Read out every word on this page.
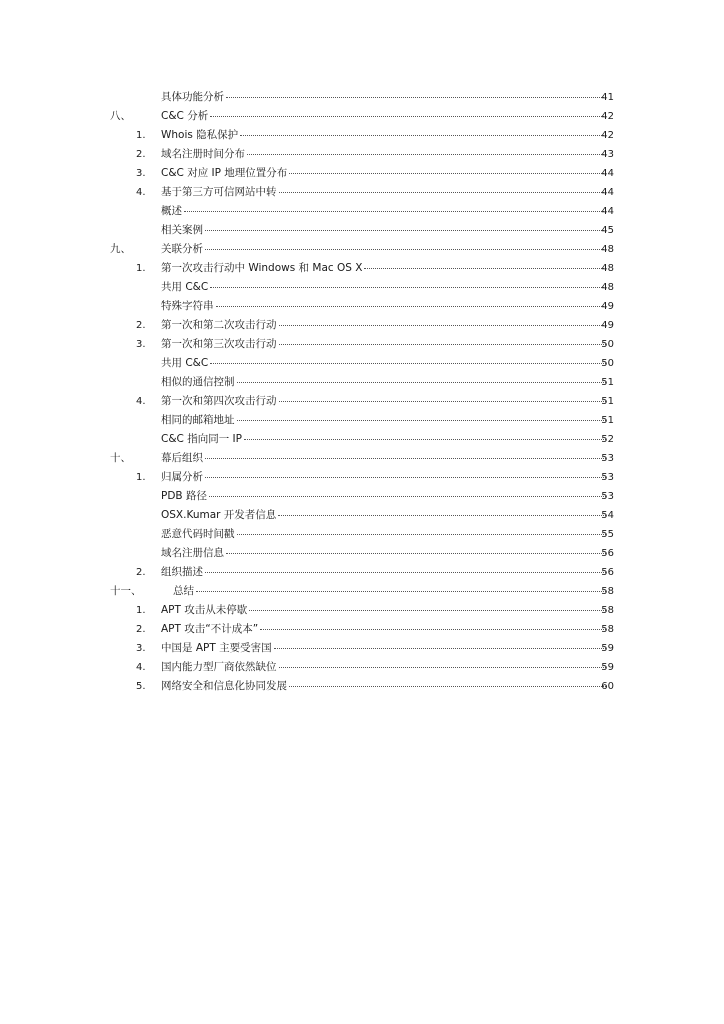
具体功能分析	41
八、	C&C 分析	42
1. Whois 隐私保护	42
2. 域名注册时间分布	43
3. C&C 对应 IP 地理位置分布	44
4. 基于第三方可信网站中转	44
概述	44
相关案例	45
九、	关联分析	48
1. 第一次攻击行动中 Windows 和 Mac OS X	48
共用 C&C	48
特殊字符串	49
2. 第一次和第二次攻击行动	49
3. 第一次和第三次攻击行动	50
共用 C&C	50
相似的通信控制	51
4. 第一次和第四次攻击行动	51
相同的邮箱地址	51
C&C 指向同一 IP	52
十、	幕后组织	53
1. 归属分析	53
PDB 路径	53
OSX.Kumar 开发者信息	54
恶意代码时间戳	55
域名注册信息	56
2. 组织描述	56
十一、	总结	58
1. APT 攻击从未停歇	58
2. APT 攻击“不计成本”	58
3. 中国是 APT 主要受害国	59
4. 国内能力型厂商依然缺位	59
5. 网络安全和信息化协同发展	60
